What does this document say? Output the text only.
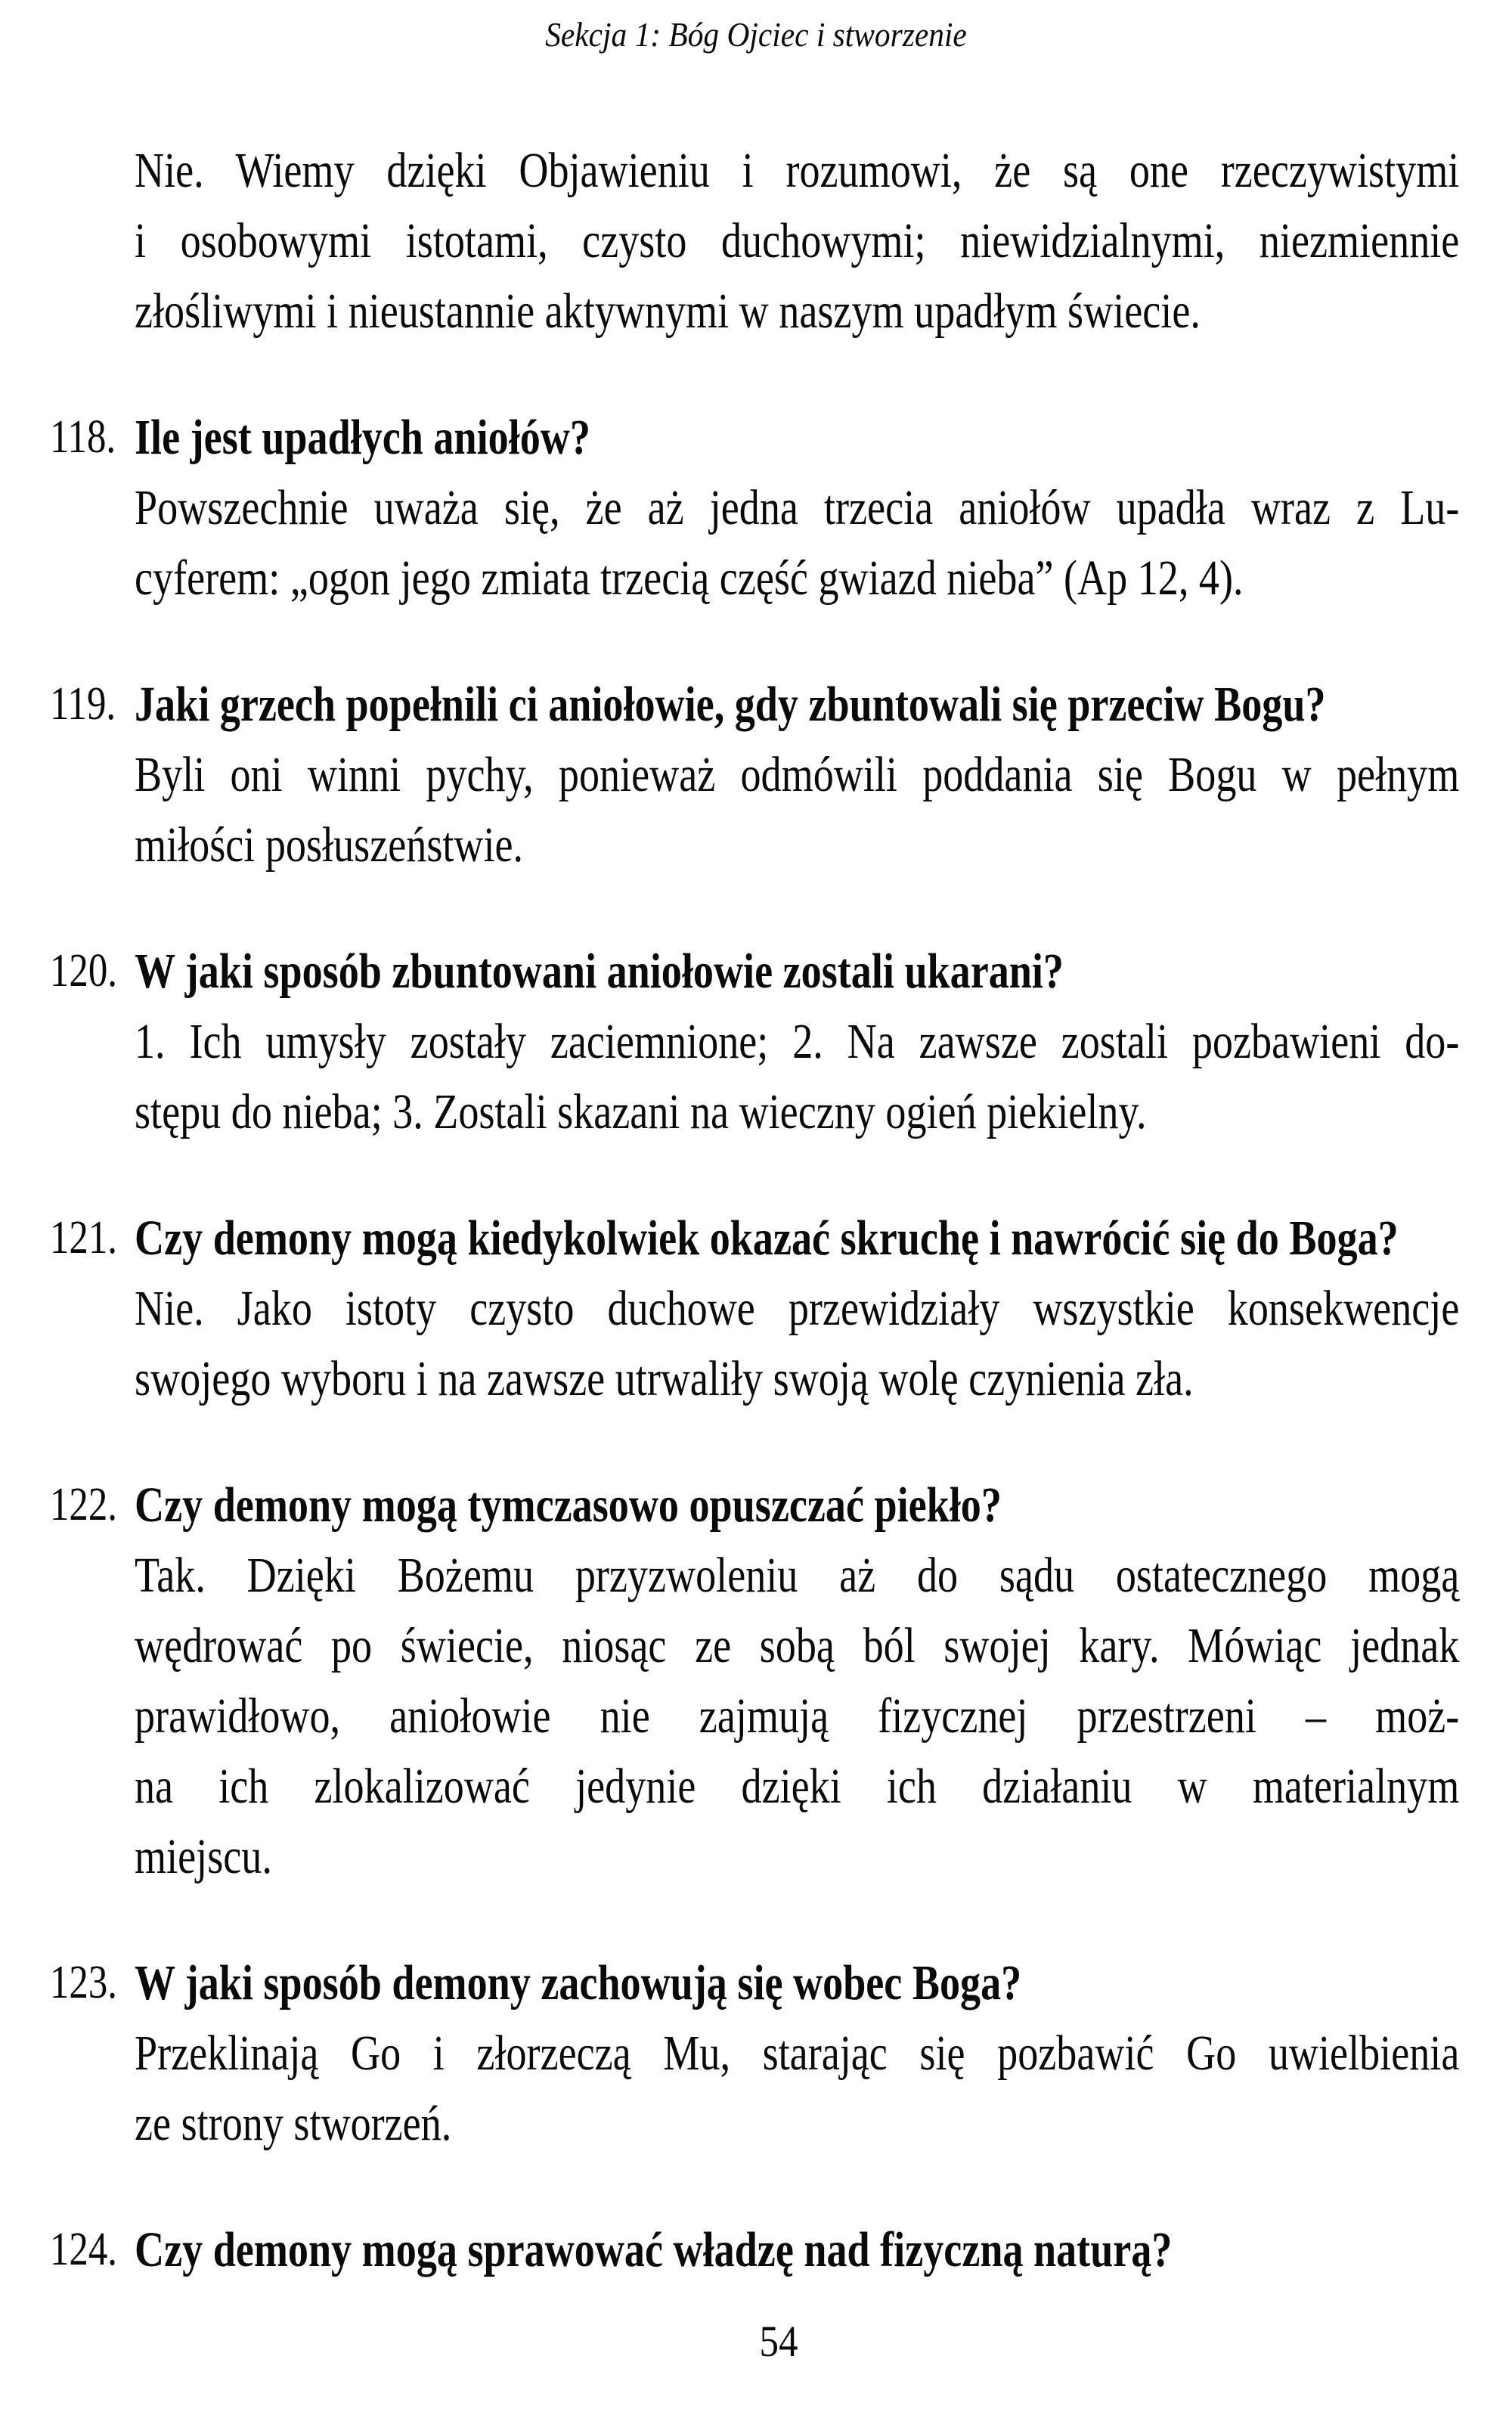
Sekcja 1: Bóg Ojciec i stworzenie
Nie. Wiemy dzięki Objawieniu i rozumowi, że są one rzeczywistymi
i osobowymi istotami, czysto duchowymi; niewidzialnymi, niezmiennie
złośliwymi i nieustannie aktywnymi w naszym upadłym świecie.
118. Ile jest upadłych aniołów?
Powszechnie uważa się, że aż jedna trzecia aniołów upadła wraz z Lu-
cyferem: „ogon jego zmiata trzecią część gwiazd nieba” (Ap 12, 4).
119. Jaki grzech popełnili ci aniołowie, gdy zbuntowali się przeciw Bogu?
Byli oni winni pychy, ponieważ odmówili poddania się Bogu w pełnym
miłości posłuszeństwie.
120. W jaki sposób zbuntowani aniołowie zostali ukarani?
1. Ich umysły zostały zaciemnione; 2. Na zawsze zostali pozbawieni do-
stępu do nieba; 3. Zostali skazani na wieczny ogień piekielny.
121. Czy demony mogą kiedykolwiek okazać skruchę i nawrócić się do Boga?
Nie. Jako istoty czysto duchowe przewidziały wszystkie konsekwencje
swojego wyboru i na zawsze utrwaliły swoją wolę czynienia zła.
122. Czy demony mogą tymczasowo opuszczać piekło?
Tak. Dzięki Bożemu przyzwoleniu aż do sądu ostatecznego mogą
wędrować po świecie, niosąc ze sobą ból swojej kary. Mówiąc jednak
prawidłowo, aniołowie nie zajmują fizycznej przestrzeni – moż-
na ich zlokalizować jedynie dzięki ich działaniu w materialnym
miejscu.
123. W jaki sposób demony zachowują się wobec Boga?
Przeklinają Go i złorzeczą Mu, starając się pozbawić Go uwielbienia
ze strony stworzeń.
124. Czy demony mogą sprawować władzę nad fizyczną naturą?
54
